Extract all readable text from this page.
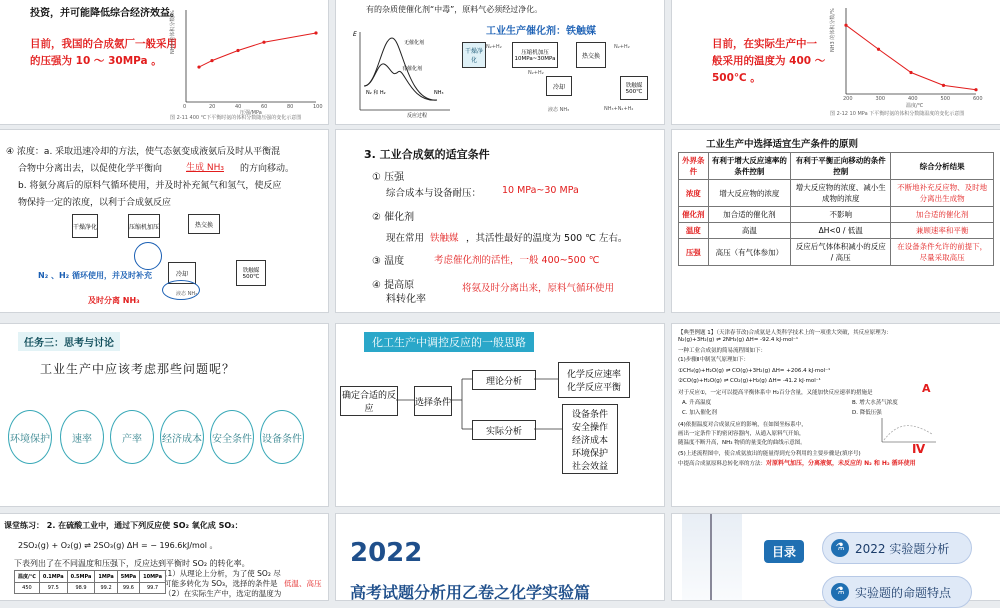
投资，并可能降低综合经济效益。
目前，我国的合成氨厂一般采用
的压强为 10 ～ 30MPa 。
NH3 的体积分数/%
压强/MPa
0	20	40	60	80	100
图 2-11 400 ℃下平衡时氨的体积分数随压强的变化示意图
有的杂质使催化剂“中毒”，原料气必须经过净化。
工业生产催化剂：铁触媒
E
N₂ 和 H₂	NH₃
无催化剂
有催化剂
反应过程
干燥净化
压缩机加压 10MPa~30MPa	热交换
冷却	铁触媒 500℃
液态 NH₃	NH₃+N₂+H₂
N₂+H₂	N₂+H₂
N₂+H₂
目前，在实际生产中一
般采用的温度为 400 ～
500℃ 。
NH3 的体积分数/%
温度/℃
200	300	400	500	600
图 2-12 10 MPa 下平衡时氨的体积分数随温度的变化示意图
④ 浓度：a. 采取迅速冷却的方法，使气态氨变成液氨后及时从平衡混
合物中分离出去，以促使化学平衡向	生成 NH₃ 的方向移动。
b. 将氨分离后的原料气循环使用，并及时补充氮气和氢气，使反应
物保持一定的浓度，以利于合成氨反应
干燥净化	压缩机加压	热交换
冷却	铁触媒 500℃
液态 NH₃
N₂ 、H₂ 循环使用，并及时补充
及时分离 NH₃
3. 工业合成氨的适宜条件
① 压强
综合成本与设备耐压： 10 MPa~30 MPa
② 催化剂
现在常用 铁触媒 ，其活性最好的温度为 500 ℃ 左右。
③ 温度	考虑催化剂的活性，一般 400~500 ℃
④ 提高原
料转化率
将氨及时分离出来，原料气循环使用
工业生产中选择适宜生产条件的原则
外界条件	有利于增大反应速率的条件控制	有利于平衡正向移动的条件控制	综合分析结果
浓度	增大反应物的浓度	增大反应物的浓度、减小生成物的浓度	不断地补充反应物、及时地分离出生成物
催化剂	加合适的催化剂	不影响	加合适的催化剂
温度	高温	ΔH<0 / 低温	兼顾速率和平衡
压强	高压（有气体参加）	反应后气体体积减小的反应 / 高压	在设备条件允许的前提下，尽量采取高压
任务三：思考与讨论
工业生产中应该考虑那些问题呢？
环境保护	速率	产率	经济成本 安全条件 设备条件
化工生产中调控反应的一般思路
确定合适的反应
选择条件
理论分析
实际分析
化学反应速率
化学反应平衡
设备条件
安全操作
经济成本
环境保护
社会效益
【典型例题 1】（天津春节改)合成氨是人类科学技术上的一项重大突破，其反应原理为：
N₂(g)+3H₂(g) ⇌ 2NH₃(g) ΔH= -92.4 kJ·mol⁻¹
一种工业合成氨的简易流程图如下：
(1)步骤Ⅱ中制氢气原理如下：
①CH₄(g)+H₂O(g) ⇌ CO(g)+3H₂(g) ΔH= +206.4 kJ·mol⁻¹
②CO(g)+H₂O(g) ⇌ CO₂(g)+H₂(g) ΔH= -41.2 kJ·mol⁻¹
对于反应①，一定可以提高平衡体系中 H₂百分含量，又能加快反应速率的措施是	A
A. 升高温度	B. 增大水蒸气浓度
C. 加入催化剂	D. 降低压强
(4)依据温度对合成氨反应的影响，在如图坐标系中，
画出一定条件下的密闭容器内，从通入原料气开始，
随温度不断升高，NH₃ 物质的量变化的曲线示意图。
(5)上述流程图中，使合成氨放出的能量得到充分利用的主要步骤是(填序号)	Ⅳ
中提高合成氨原料总转化率的方法： 对原料气加压，分离液氨，未反应的 N₂ 和 H₂ 循环使用
课堂练习： 2. 在硫酸工业中，通过下列反应使 SO₂ 氧化成 SO₃：
2SO₂(g) + O₂(g) ⇌ 2SO₃(g) ΔH = − 196.6kJ/mol 。
下表列出了在不同温度和压强下，反应达到平衡时 SO₂ 的转化率。
（1）从理论上分析，为了使 SO₂ 尽
可能多转化为 SO₃，选择的条件是 低温、高压
（2）在实际生产中，选定的温度为
温度/℃	0.1MPa	0.5MPa	1MPa	5MPa	10MPa
450	97.5	98.9	99.2	99.6	99.7
2022
高考试题分析用乙卷之化学实验篇
目录	⚗ 2022 实验题分析
⚗ 实验题的命题特点
